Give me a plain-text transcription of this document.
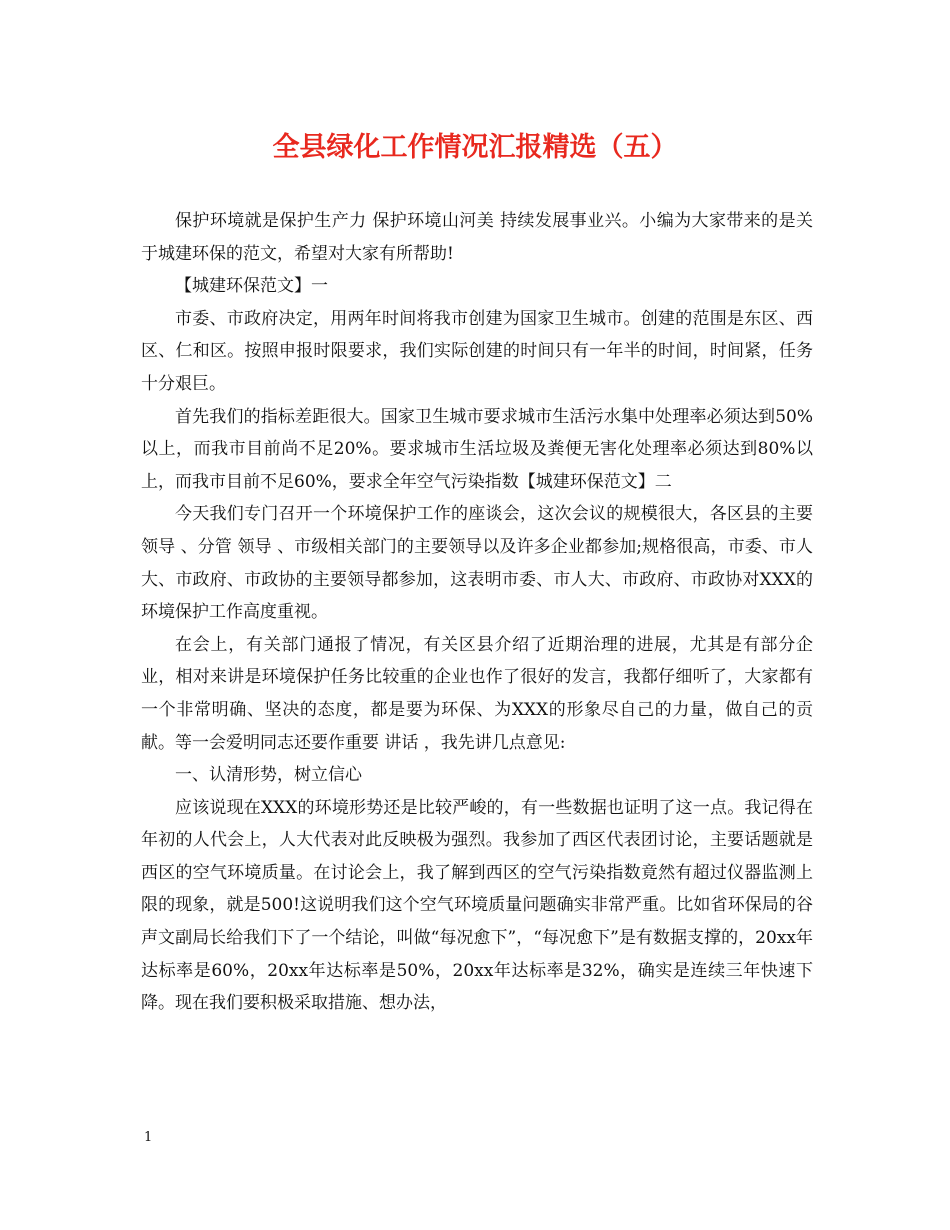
全县绿化工作情况汇报精选（五）

保护环境就是保护生产力 保护环境山河美 持续发展事业兴。小编为大家带来的是关于城建环保的范文，希望对大家有所帮助!

【城建环保范文】一

市委、市政府决定，用两年时间将我市创建为国家卫生城市。创建的范围是东区、西区、仁和区。按照申报时限要求，我们实际创建的时间只有一年半的时间，时间紧，任务十分艰巨。

首先我们的指标差距很大。国家卫生城市要求城市生活污水集中处理率必须达到50%以上，而我市目前尚不足20%。要求城市生活垃圾及粪便无害化处理率必须达到80%以上，而我市目前不足60%，要求全年空气污染指数【城建环保范文】二

今天我们专门召开一个环境保护工作的座谈会，这次会议的规模很大，各区县的主要 领导 、分管 领导 、市级相关部门的主要领导以及许多企业都参加;规格很高，市委、市人大、市政府、市政协的主要领导都参加，这表明市委、市人大、市政府、市政协对XXX的环境保护工作高度重视。

在会上，有关部门通报了情况，有关区县介绍了近期治理的进展，尤其是有部分企业，相对来讲是环境保护任务比较重的企业也作了很好的发言，我都仔细听了，大家都有一个非常明确、坚决的态度，都是要为环保、为XXX的形象尽自己的力量，做自己的贡献。等一会爱明同志还要作重要 讲话 ，我先讲几点意见:

一、认清形势，树立信心

应该说现在XXX的环境形势还是比较严峻的，有一些数据也证明了这一点。我记得在年初的人代会上，人大代表对此反映极为强烈。我参加了西区代表团讨论，主要话题就是西区的空气环境质量。在讨论会上，我了解到西区的空气污染指数竟然有超过仪器监测上限的现象，就是500!这说明我们这个空气环境质量问题确实非常严重。比如省环保局的谷声文副局长给我们下了一个结论，叫做“每况愈下”，“每况愈下”是有数据支撑的，20xx年达标率是60%，20xx年达标率是50%，20xx年达标率是32%，确实是连续三年快速下降。现在我们要积极采取措施、想办法，

1
